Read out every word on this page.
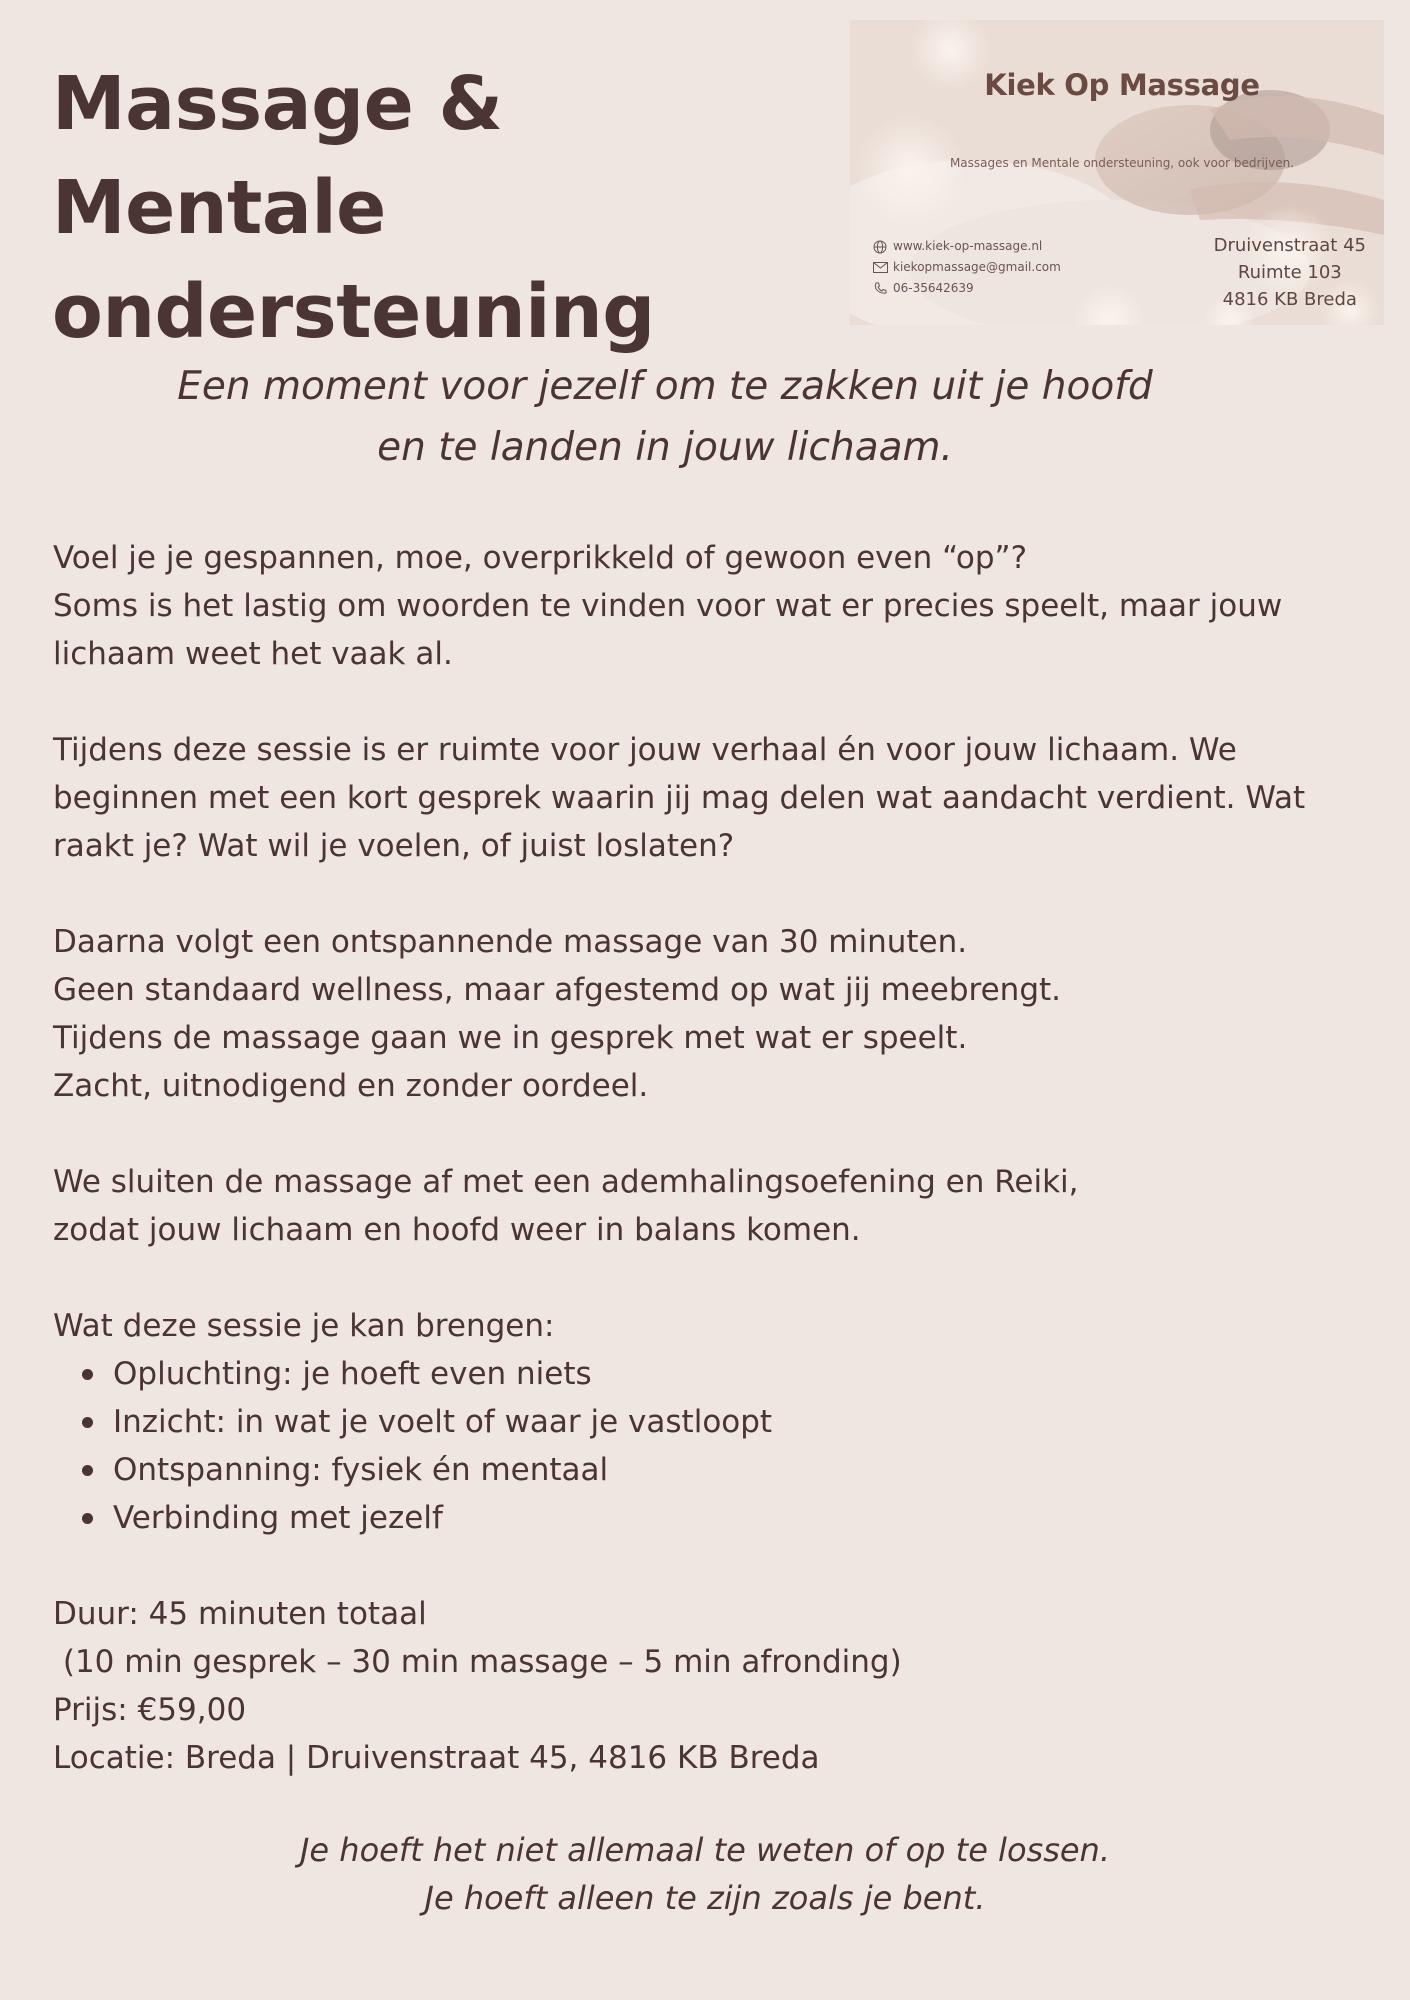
Massage & Mentale
ondersteuning
Kiek Op Massage
Massages en Mentale ondersteuning, ook voor bedrijven.
www.kiek-op-massage.nl
kiekopmassage@gmail.com
06-35642639
Druivenstraat 45
Ruimte 103
4816 KB Breda
Een moment voor jezelf om te zakken uit je hoofd
en te landen in jouw lichaam.

Voel je je gespannen, moe, overprikkeld of gewoon even “op”?
Soms is het lastig om woorden te vinden voor wat er precies speelt, maar jouw lichaam weet het vaak al.

Tijdens deze sessie is er ruimte voor jouw verhaal én voor jouw lichaam. We beginnen met een kort gesprek waarin jij mag delen wat aandacht verdient. Wat raakt je? Wat wil je voelen, of juist loslaten?

Daarna volgt een ontspannende massage van 30 minuten.
Geen standaard wellness, maar afgestemd op wat jij meebrengt.
Tijdens de massage gaan we in gesprek met wat er speelt.
Zacht, uitnodigend en zonder oordeel.

We sluiten de massage af met een ademhalingsoefening en Reiki,
zodat jouw lichaam en hoofd weer in balans komen.

Wat deze sessie je kan brengen:

Opluchting: je hoeft even niets
Inzicht: in wat je voelt of waar je vastloopt
Ontspanning: fysiek én mentaal
Verbinding met jezelf

Duur: 45 minuten totaal
(10 min gesprek – 30 min massage – 5 min afronding)
Prijs: €59,00
Locatie: Breda | Druivenstraat 45, 4816 KB Breda

Je hoeft het niet allemaal te weten of op te lossen.
Je hoeft alleen te zijn zoals je bent.
